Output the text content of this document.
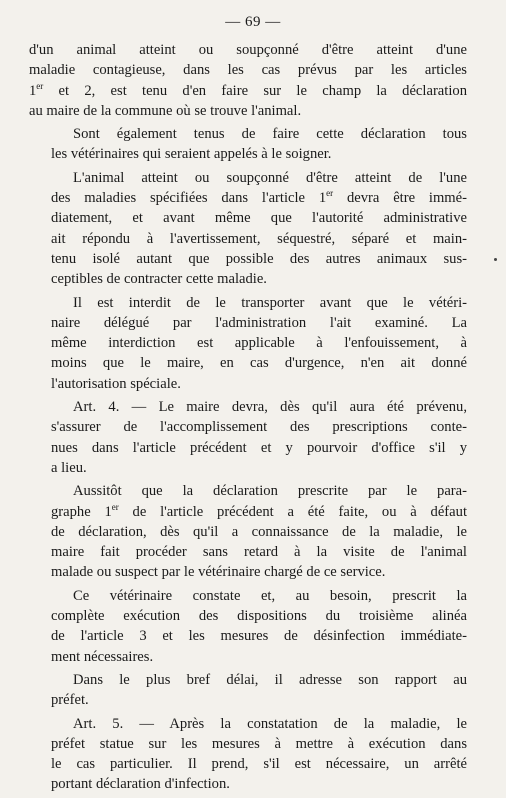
— 69 —

d'un animal atteint ou soupçonné d'être atteint d'une
maladie contagieuse, dans les cas prévus par les articles
1er et 2, est tenu d'en faire sur le champ la déclaration
au maire de la commune où se trouve l'animal.

Sont également tenus de faire cette déclaration tous
les vétérinaires qui seraient appelés à le soigner.

L'animal atteint ou soupçonné d'être atteint de l'une
des maladies spécifiées dans l'article 1er devra être immé-
diatement, et avant même que l'autorité administrative
ait répondu à l'avertissement, séquestré, séparé et main-
tenu isolé autant que possible des autres animaux sus-
ceptibles de contracter cette maladie.

Il est interdit de le transporter avant que le vétéri-
naire délégué par l'administration l'ait examiné. La
même interdiction est applicable à l'enfouissement, à
moins que le maire, en cas d'urgence, n'en ait donné
l'autorisation spéciale.

Art. 4. — Le maire devra, dès qu'il aura été prévenu,
s'assurer de l'accomplissement des prescriptions conte-
nues dans l'article précédent et y pourvoir d'office s'il y
a lieu.

Aussitôt que la déclaration prescrite par le para-
graphe 1er de l'article précédent a été faite, ou à défaut
de déclaration, dès qu'il a connaissance de la maladie, le
maire fait procéder sans retard à la visite de l'animal
malade ou suspect par le vétérinaire chargé de ce service.

Ce vétérinaire constate et, au besoin, prescrit la
complète exécution des dispositions du troisième alinéa
de l'article 3 et les mesures de désinfection immédiate-
ment nécessaires.

Dans le plus bref délai, il adresse son rapport au
préfet.

Art. 5. — Après la constatation de la maladie, le
préfet statue sur les mesures à mettre à exécution dans
le cas particulier. Il prend, s'il est nécessaire, un arrêté
portant déclaration d'infection.
